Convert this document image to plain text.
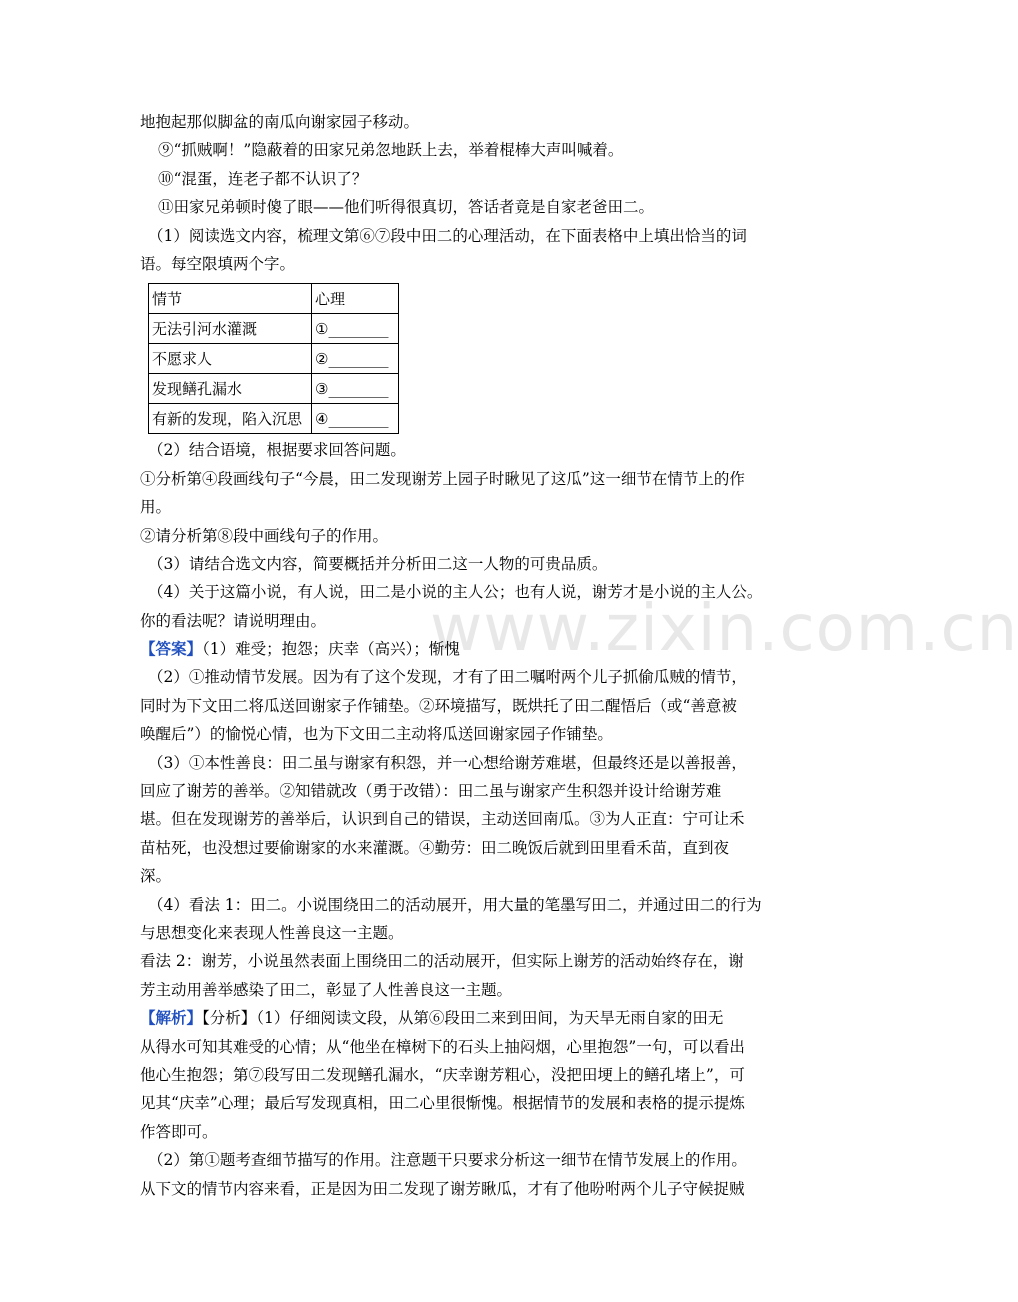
www.zixin.com.cn
地抱起那似脚盆的南瓜向谢家园子移动。
⑨“抓贼啊！”隐蔽着的田家兄弟忽地跃上去，举着棍棒大声叫喊着。
⑩“混蛋，连老子都不认识了？
⑪田家兄弟顿时傻了眼——他们听得很真切，答话者竟是自家老爸田二。
（1）阅读选文内容，梳理文第⑥⑦段中田二的心理活动，在下面表格中上填出恰当的词
语。每空限填两个字。
情节	心理
无法引河水灌溉	①________
不愿求人	②________
发现鳝孔漏水	③________
有新的发现，陷入沉思	④________
（2）结合语境，根据要求回答问题。
①分析第④段画线句子“今晨，田二发现谢芳上园子时瞅见了这瓜”这一细节在情节上的作
用。
②请分析第⑧段中画线句子的作用。
（3）请结合选文内容，简要概括并分析田二这一人物的可贵品质。
（4）关于这篇小说，有人说，田二是小说的主人公；也有人说，谢芳才是小说的主人公。
你的看法呢？请说明理由。
【答案】（1）难受；抱怨；庆幸（高兴）；惭愧
（2）①推动情节发展。因为有了这个发现，才有了田二嘱咐两个儿子抓偷瓜贼的情节，
同时为下文田二将瓜送回谢家子作铺垫。②环境描写，既烘托了田二醒悟后（或“善意被
唤醒后”）的愉悦心情，也为下文田二主动将瓜送回谢家园子作铺垫。
（3）①本性善良：田二虽与谢家有积怨，并一心想给谢芳难堪，但最终还是以善报善，
回应了谢芳的善举。②知错就改（勇于改错）：田二虽与谢家产生积怨并设计给谢芳难
堪。但在发现谢芳的善举后，认识到自己的错误，主动送回南瓜。③为人正直：宁可让禾
苗枯死，也没想过要偷谢家的水来灌溉。④勤劳：田二晚饭后就到田里看禾苗，直到夜
深。
（4）看法 1：田二。小说围绕田二的活动展开，用大量的笔墨写田二，并通过田二的行为
与思想变化来表现人性善良这一主题。
看法 2：谢芳，小说虽然表面上围绕田二的活动展开，但实际上谢芳的活动始终存在，谢
芳主动用善举感染了田二，彰显了人性善良这一主题。
【解析】【分析】（1）仔细阅读文段，从第⑥段田二来到田间，为天旱无雨自家的田无
从得水可知其难受的心情；从“他坐在樟树下的石头上抽闷烟，心里抱怨”一句，可以看出
他心生抱怨；第⑦段写田二发现鳝孔漏水，“庆幸谢芳粗心，没把田埂上的鳝孔堵上”，可
见其“庆幸”心理；最后写发现真相，田二心里很惭愧。根据情节的发展和表格的提示提炼
作答即可。
（2）第①题考查细节描写的作用。注意题干只要求分析这一细节在情节发展上的作用。
从下文的情节内容来看，正是因为田二发现了谢芳瞅瓜，才有了他吩咐两个儿子守候捉贼
